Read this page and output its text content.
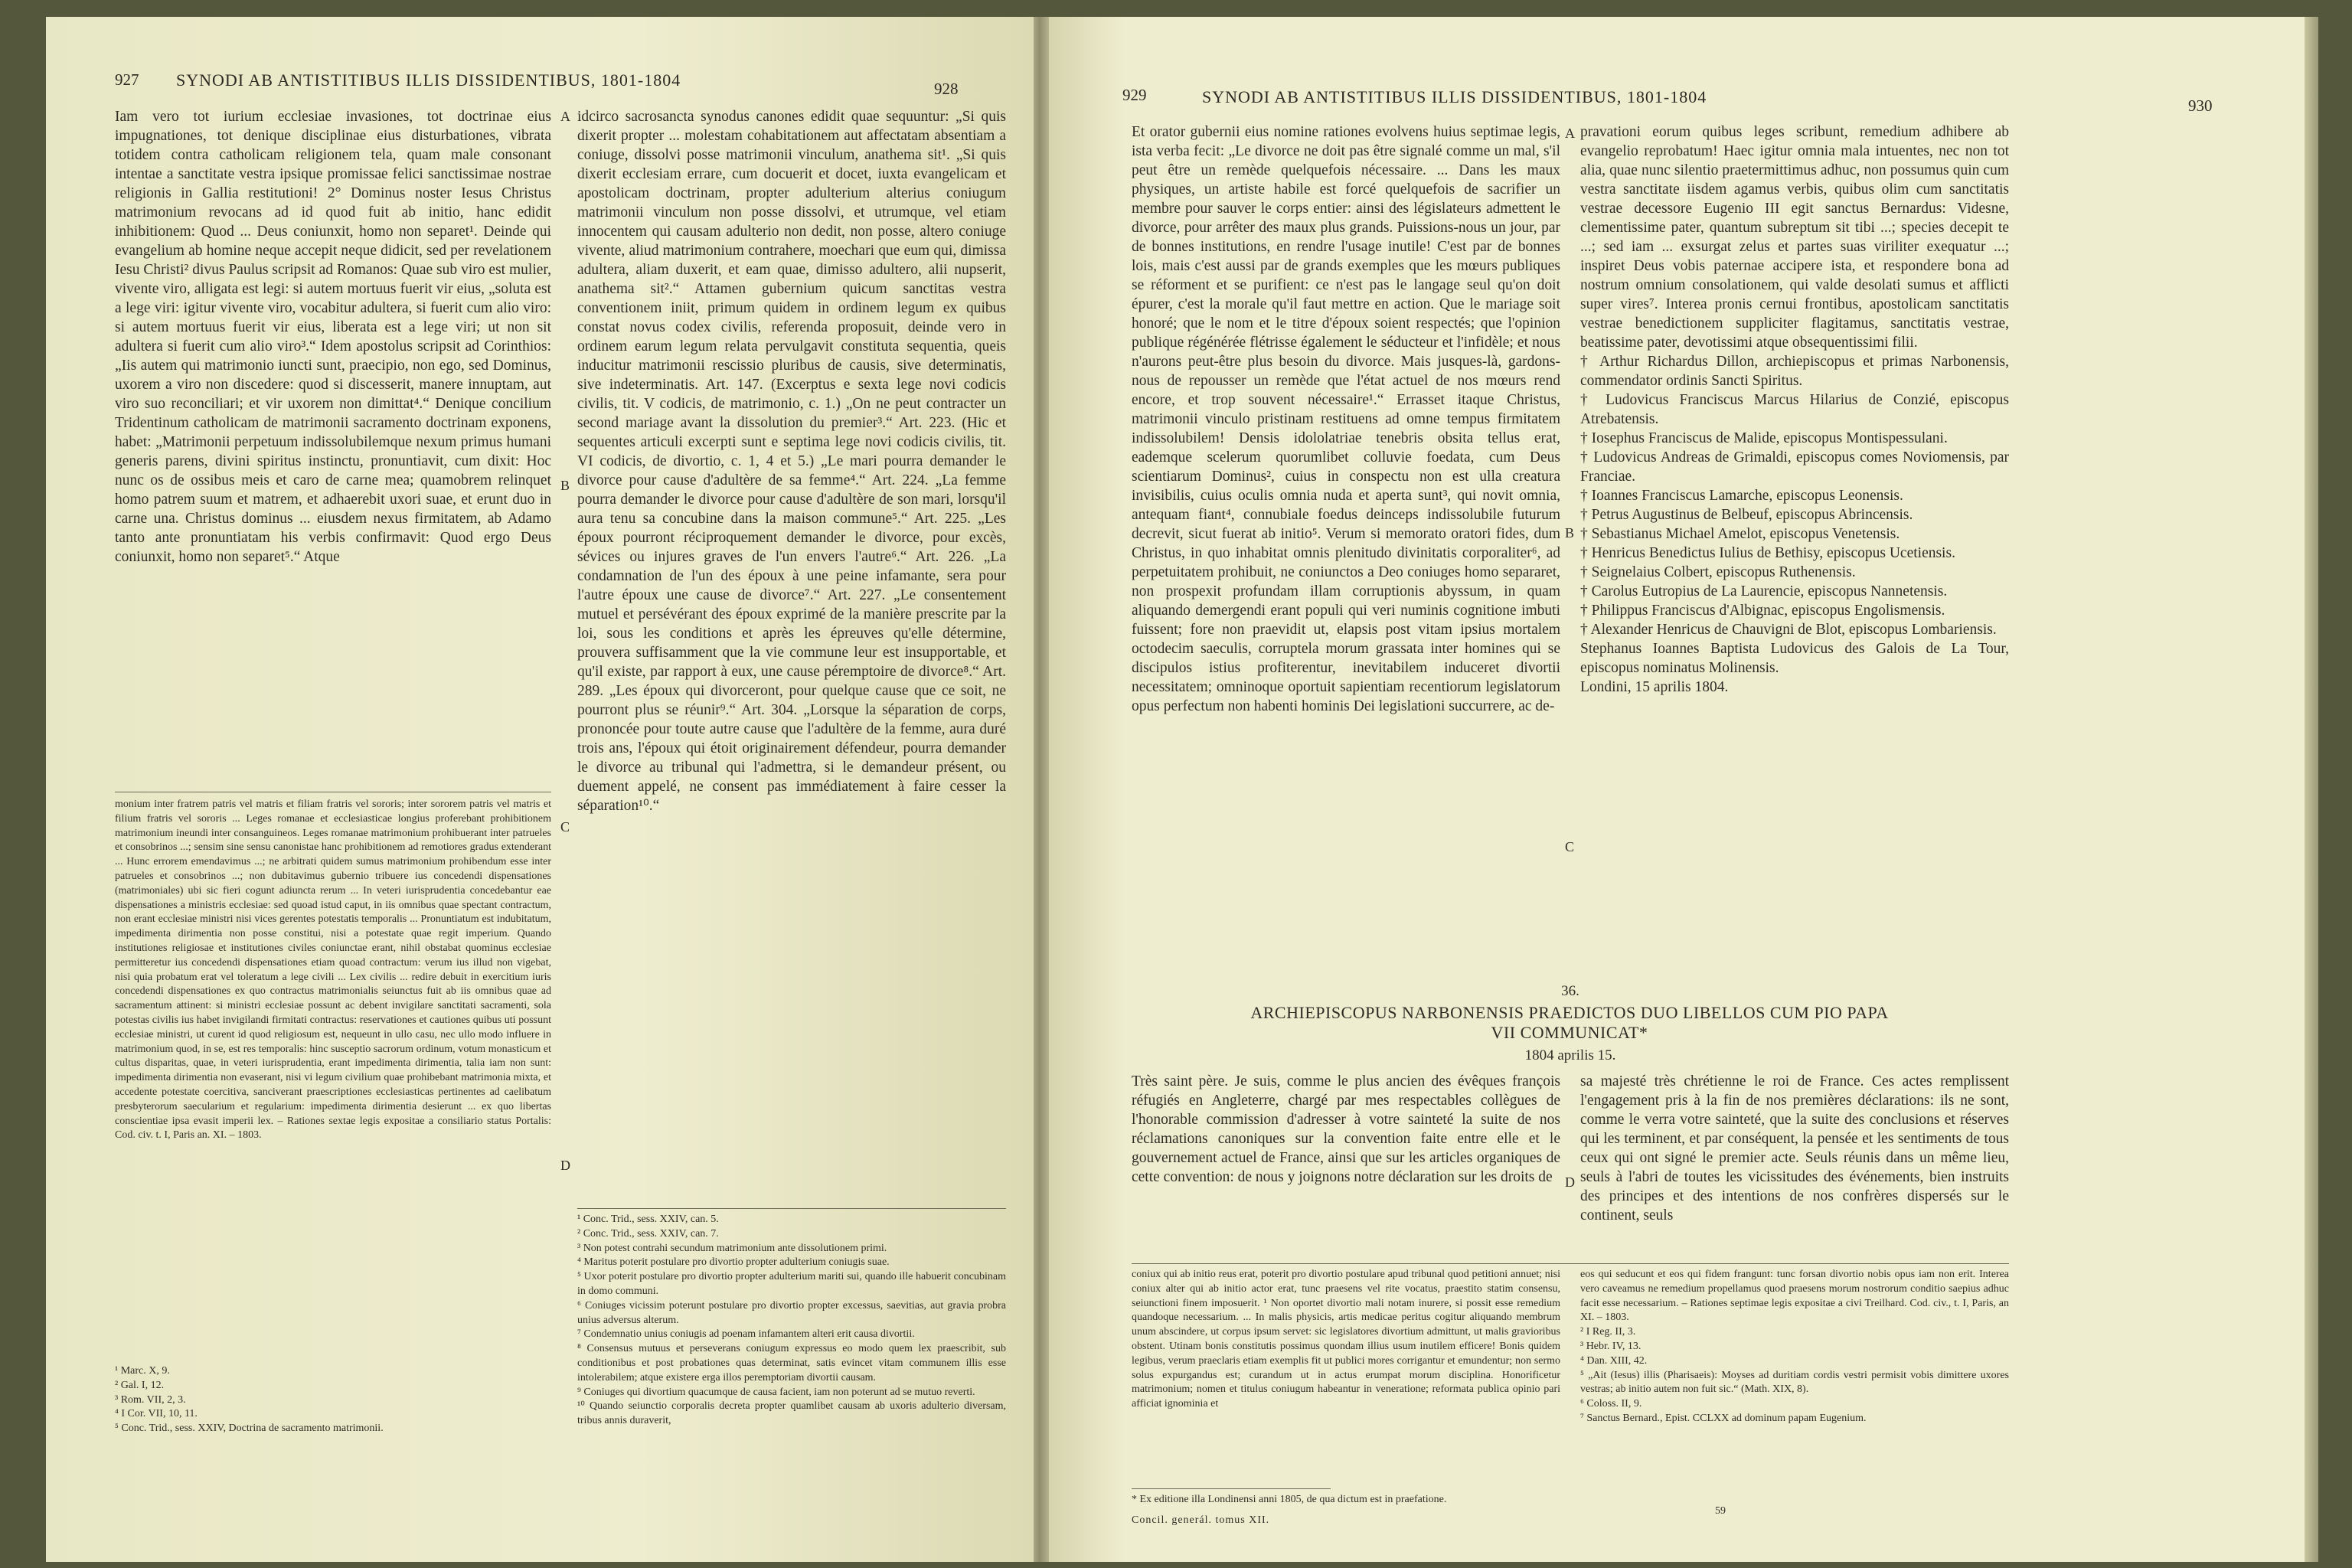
927 SYNODI AB ANTISTITIBUS ILLIS DISSIDENTIBUS, 1801-1804	928

Iam vero tot iurium ecclesiae invasiones, tot doctrinae eius impugnationes, tot denique disciplinae eius disturbationes, vibrata totidem contra catholicam religionem tela, quam male consonant intentae a sanctitate vestra ipsique promissae felici sanctissimae nostrae religionis in Gallia restitutioni! 2° Dominus noster Iesus Christus matrimonium revocans ad id quod fuit ab initio, hanc edidit inhibitionem: Quod ... Deus coniunxit, homo non separet¹. Deinde qui evangelium ab homine neque accepit neque didicit, sed per revelationem Iesu Christi² divus Paulus scripsit ad Romanos: Quae sub viro est mulier, vivente viro, alligata est legi: si autem mortuus fuerit vir eius, „soluta est a lege viri: igitur vivente viro, vocabitur adultera, si fuerit cum alio viro: si autem mortuus fuerit vir eius, liberata est a lege viri; ut non sit adultera si fuerit cum alio viro³.“ Idem apostolus scripsit ad Corinthios: „Iis autem qui matrimonio iuncti sunt, praecipio, non ego, sed Dominus, uxorem a viro non discedere: quod si discesserit, manere innuptam, aut viro suo reconciliari; et vir uxorem non dimittat⁴.“ Denique concilium Tridentinum catholicam de matrimonii sacramento doctrinam exponens, habet: „Matrimonii perpetuum indissolubilemque nexum primus humani generis parens, divini spiritus instinctu, pronuntiavit, cum dixit: Hoc nunc os de ossibus meis et caro de carne mea; quamobrem relinquet homo patrem suum et matrem, et adhaerebit uxori suae, et erunt duo in carne una. Christus dominus ... eiusdem nexus firmitatem, ab Adamo tanto ante pronuntiatam his verbis confirmavit: Quod ergo Deus coniunxit, homo non separet⁵.“ Atque

monium inter fratrem patris vel matris et filiam fratris vel sororis; inter sororem patris vel matris et filium fratris vel sororis ... Leges romanae et ecclesiasticae longius proferebant prohibitionem matrimonium ineundi inter consanguineos. Leges romanae matrimonium prohibuerant inter patrueles et consobrinos ...; sensim sine sensu canonistae hanc prohibitionem ad remotiores gradus extenderant ... Hunc errorem emendavimus ...; ne arbitrati quidem sumus matrimonium prohibendum esse inter patrueles et consobrinos ...; non dubitavimus gubernio tribuere ius concedendi dispensationes (matrimoniales) ubi sic fieri cogunt adiuncta rerum ... In veteri iurisprudentia concedebantur eae dispensationes a ministris ecclesiae: sed quoad istud caput, in iis omnibus quae spectant contractum, non erant ecclesiae ministri nisi vices gerentes potestatis temporalis ... Pronuntiatum est indubitatum, impedimenta dirimentia non posse constitui, nisi a potestate quae regit imperium. Quando institutiones religiosae et institutiones civiles coniunctae erant, nihil obstabat quominus ecclesiae permitteretur ius concedendi dispensationes etiam quoad contractum: verum ius illud non vigebat, nisi quia probatum erat vel toleratum a lege civili ... Lex civilis ... redire debuit in exercitium iuris concedendi dispensationes ex quo contractus matrimonialis seiunctus fuit ab iis omnibus quae ad sacramentum attinent: si ministri ecclesiae possunt ac debent invigilare sanctitati sacramenti, sola potestas civilis ius habet invigilandi firmitati contractus: reservationes et cautiones quibus uti possunt ecclesiae ministri, ut curent id quod religiosum est, nequeunt in ullo casu, nec ullo modo influere in matrimonium quod, in se, est res temporalis: hinc susceptio sacrorum ordinum, votum monasticum et cultus disparitas, quae, in veteri iurisprudentia, erant impedimenta dirimentia, talia iam non sunt: impedimenta dirimentia non evaserant, nisi vi legum civilium quae prohibebant matrimonia mixta, et accedente potestate coercitiva, sanciverant praescriptiones ecclesiasticas pertinentes ad caelibatum presbyterorum saecularium et regularium: impedimenta dirimentia desierunt ... ex quo libertas conscientiae ipsa evasit imperii lex. – Rationes sextae legis expositae a consiliario status Portalis: Cod. civ. t. I, Paris an. XI. – 1803.

¹ Marc. X, 9.

² Gal. I, 12.

³ Rom. VII, 2, 3.

⁴ I Cor. VII, 10, 11.

⁵ Conc. Trid., sess. XXIV, Doctrina de sacramento matrimonii.

A
B
C
D

idcirco sacrosancta synodus canones edidit quae sequuntur: „Si quis dixerit propter ... molestam cohabitationem aut affectatam absentiam a coniuge, dissolvi posse matrimonii vinculum, anathema sit¹. „Si quis dixerit ecclesiam errare, cum docuerit et docet, iuxta evangelicam et apostolicam doctrinam, propter adulterium alterius coniugum matrimonii vinculum non posse dissolvi, et utrumque, vel etiam innocentem qui causam adulterio non dedit, non posse, altero coniuge vivente, aliud matrimonium contrahere, moechari que eum qui, dimissa adultera, aliam duxerit, et eam quae, dimisso adultero, alii nupserit, anathema sit².“ Attamen gubernium quicum sanctitas vestra conventionem iniit, primum quidem in ordinem legum ex quibus constat novus codex civilis, referenda proposuit, deinde vero in ordinem earum legum relata pervulgavit constituta sequentia, queis inducitur matrimonii rescissio pluribus de causis, sive determinatis, sive indeterminatis. Art. 147. (Excerptus e sexta lege novi codicis civilis, tit. V codicis, de matrimonio, c. 1.) „On ne peut contracter un second mariage avant la dissolution du premier³.“ Art. 223. (Hic et sequentes articuli excerpti sunt e septima lege novi codicis civilis, tit. VI codicis, de divortio, c. 1, 4 et 5.) „Le mari pourra demander le divorce pour cause d'adultère de sa femme⁴.“ Art. 224. „La femme pourra demander le divorce pour cause d'adultère de son mari, lorsqu'il aura tenu sa concubine dans la maison commune⁵.“ Art. 225. „Les époux pourront réciproquement demander le divorce, pour excès, sévices ou injures graves de l'un envers l'autre⁶.“ Art. 226. „La condamnation de l'un des époux à une peine infamante, sera pour l'autre époux une cause de divorce⁷.“ Art. 227. „Le consentement mutuel et persévérant des époux exprimé de la manière prescrite par la loi, sous les conditions et après les épreuves qu'elle détermine, prouvera suffisamment que la vie commune leur est insupportable, et qu'il existe, par rapport à eux, une cause péremptoire de divorce⁸.“ Art. 289. „Les époux qui divorceront, pour quelque cause que ce soit, ne pourront plus se réunir⁹.“ Art. 304. „Lorsque la séparation de corps, prononcée pour toute autre cause que l'adultère de la femme, aura duré trois ans, l'époux qui étoit originairement défendeur, pourra demander le divorce au tribunal qui l'admettra, si le demandeur présent, ou duement appelé, ne consent pas immédiatement à faire cesser la séparation¹⁰.“

¹ Conc. Trid., sess. XXIV, can. 5.

² Conc. Trid., sess. XXIV, can. 7.

³ Non potest contrahi secundum matrimonium ante dissolutionem primi.

⁴ Maritus poterit postulare pro divortio propter adulterium coniugis suae.

⁵ Uxor poterit postulare pro divortio propter adulterium mariti sui, quando ille habuerit concubinam in domo communi.

⁶ Coniuges vicissim poterunt postulare pro divortio propter excessus, saevitias, aut gravia probra unius adversus alterum.

⁷ Condemnatio unius coniugis ad poenam infamantem alteri erit causa divortii.

⁸ Consensus mutuus et perseverans coniugum expressus eo modo quem lex praescribit, sub conditionibus et post probationes quas determinat, satis evincet vitam communem illis esse intolerabilem; atque existere erga illos peremptoriam divortii causam.

⁹ Coniuges qui divortium quacumque de causa facient, iam non poterunt ad se mutuo reverti.

¹⁰ Quando seiunctio corporalis decreta propter quamlibet causam ab uxoris adulterio diversam, tribus annis duraverit,

929	SYNODI AB ANTISTITIBUS ILLIS DISSIDENTIBUS, 1801-1804	930

Et orator gubernii eius nomine rationes evolvens huius septimae legis, ista verba fecit: „Le divorce ne doit pas être signalé comme un mal, s'il peut être un remède quelquefois nécessaire. ... Dans les maux physiques, un artiste habile est forcé quelquefois de sacrifier un membre pour sauver le corps entier: ainsi des législateurs admettent le divorce, pour arrêter des maux plus grands. Puissions-nous un jour, par de bonnes institutions, en rendre l'usage inutile! C'est par de bonnes lois, mais c'est aussi par de grands exemples que les mœurs publiques se réforment et se purifient: ce n'est pas le langage seul qu'on doit épurer, c'est la morale qu'il faut mettre en action. Que le mariage soit honoré; que le nom et le titre d'époux soient respectés; que l'opinion publique régénérée flétrisse également le séducteur et l'infidèle; et nous n'aurons peut-être plus besoin du divorce. Mais jusques-là, gardons-nous de repousser un remède que l'état actuel de nos mœurs rend encore, et trop souvent nécessaire¹.“ Errasset itaque Christus, matrimonii vinculo pristinam restituens ad omne tempus firmitatem indissolubilem! Densis idololatriae tenebris obsita tellus erat, eademque scelerum quorumlibet colluvie foedata, cum Deus scientiarum Dominus², cuius in conspectu non est ulla creatura invisibilis, cuius oculis omnia nuda et aperta sunt³, qui novit omnia, antequam fiant⁴, connubiale foedus deinceps indissolubile futurum decrevit, sicut fuerat ab initio⁵. Verum si memorato oratori fides, dum Christus, in quo inhabitat omnis plenitudo divinitatis corporaliter⁶, ad perpetuitatem prohibuit, ne coniunctos a Deo coniuges homo separaret, non prospexit profundam illam corruptionis abyssum, in quam aliquando demergendi erant populi qui veri numinis cognitione imbuti fuissent; fore non praevidit ut, elapsis post vitam ipsius mortalem octodecim saeculis, corruptela morum grassata inter homines qui se discipulos istius profiterentur, inevitabilem induceret divortii necessitatem; omninoque oportuit sapientiam recentiorum legislatorum opus perfectum non habenti hominis Dei legislationi succurrere, ac de-

A
B
C
D

pravationi eorum quibus leges scribunt, remedium adhibere ab evangelio reprobatum! Haec igitur omnia mala intuentes, nec non tot alia, quae nunc silentio praetermittimus adhuc, non possumus quin cum vestra sanctitate iisdem agamus verbis, quibus olim cum sanctitatis vestrae decessore Eugenio III egit sanctus Bernardus: Videsne, clementissime pater, quantum subreptum sit tibi ...; species decepit te ...; sed iam ... exsurgat zelus et partes suas viriliter exequatur ...; inspiret Deus vobis paternae accipere ista, et respondere bona ad nostrum omnium consolationem, qui valde desolati sumus et afflicti super vires⁷. Interea pronis cernui frontibus, apostolicam sanctitatis vestrae benedictionem suppliciter flagitamus, sanctitatis vestrae, beatissime pater, devotissimi atque obsequentissimi filii.

† Arthur Richardus Dillon, archiepiscopus et primas Narbonensis, commendator ordinis Sancti Spiritus.

† Ludovicus Franciscus Marcus Hilarius de Conzié, episcopus Atrebatensis.

† Iosephus Franciscus de Malide, episcopus Montispessulani.

† Ludovicus Andreas de Grimaldi, episcopus comes Noviomensis, par Franciae.

† Ioannes Franciscus Lamarche, episcopus Leonensis.

† Petrus Augustinus de Belbeuf, episcopus Abrincensis.

† Sebastianus Michael Amelot, episcopus Venetensis.

† Henricus Benedictus Iulius de Bethisy, episcopus Ucetiensis.

† Seignelaius Colbert, episcopus Ruthenensis.

† Carolus Eutropius de La Laurencie, episcopus Nannetensis.

† Philippus Franciscus d'Albignac, episcopus Engolismensis.

† Alexander Henricus de Chauvigni de Blot, episcopus Lombariensis.

Stephanus Ioannes Baptista Ludovicus des Galois de La Tour, episcopus nominatus Molinensis.

Londini, 15 aprilis 1804.

36.
ARCHIEPISCOPUS NARBONENSIS PRAEDICTOS DUO LIBELLOS CUM PIO PAPA VII COMMUNICAT*
1804 aprilis 15.

Très saint père. Je suis, comme le plus ancien des évêques françois réfugiés en Angleterre, chargé par mes respectables collègues de l'honorable commission d'adresser à votre sainteté la suite de nos réclamations canoniques sur la convention faite entre elle et le gouvernement actuel de France, ainsi que sur les articles organiques de cette convention: de nous y joignons notre déclaration sur les droits de

sa majesté très chrétienne le roi de France. Ces actes remplissent l'engagement pris à la fin de nos premières déclarations: ils ne sont, comme le verra votre sainteté, que la suite des conclusions et réserves qui les terminent, et par conséquent, la pensée et les sentiments de tous ceux qui ont signé le premier acte. Seuls réunis dans un même lieu, seuls à l'abri de toutes les vicissitudes des événements, bien instruits des principes et des intentions de nos confrères dispersés sur le continent, seuls

coniux qui ab initio reus erat, poterit pro divortio postulare apud tribunal quod petitioni annuet; nisi coniux alter qui ab initio actor erat, tunc praesens vel rite vocatus, praestito statim consensu, seiunctioni finem imposuerit. ¹ Non oportet divortio mali notam inurere, si possit esse remedium quandoque necessarium. ... In malis physicis, artis medicae peritus cogitur aliquando membrum unum abscindere, ut corpus ipsum servet: sic legislatores divortium admittunt, ut malis gravioribus obstent. Utinam bonis constitutis possimus quondam illius usum inutilem efficere! Bonis quidem legibus, verum praeclaris etiam exemplis fit ut publici mores corrigantur et emundentur; non sermo solus expurgandus est; curandum ut in actus erumpat morum disciplina. Honorificetur matrimonium; nomen et titulus coniugum habeantur in veneratione; reformata publica opinio pari afficiat ignominia et

eos qui seducunt et eos qui fidem frangunt: tunc forsan divortio nobis opus iam non erit. Interea vero caveamus ne remedium propellamus quod praesens morum nostrorum conditio saepius adhuc facit esse necessarium. – Rationes septimae legis expositae a civi Treilhard. Cod. civ., t. I, Paris, an XI. – 1803.

² I Reg. II, 3.

³ Hebr. IV, 13.

⁴ Dan. XIII, 42.

⁵ „Ait (Iesus) illis (Pharisaeis): Moyses ad duritiam cordis vestri permisit vobis dimittere uxores vestras; ab initio autem non fuit sic.“ (Math. XIX, 8).

⁶ Coloss. II, 9.

⁷ Sanctus Bernard., Epist. CCLXX ad dominum papam Eugenium.

* Ex editione illa Londinensi anni 1805, de qua dictum est in praefatione.
Concil. generál. tomus XII.
59
